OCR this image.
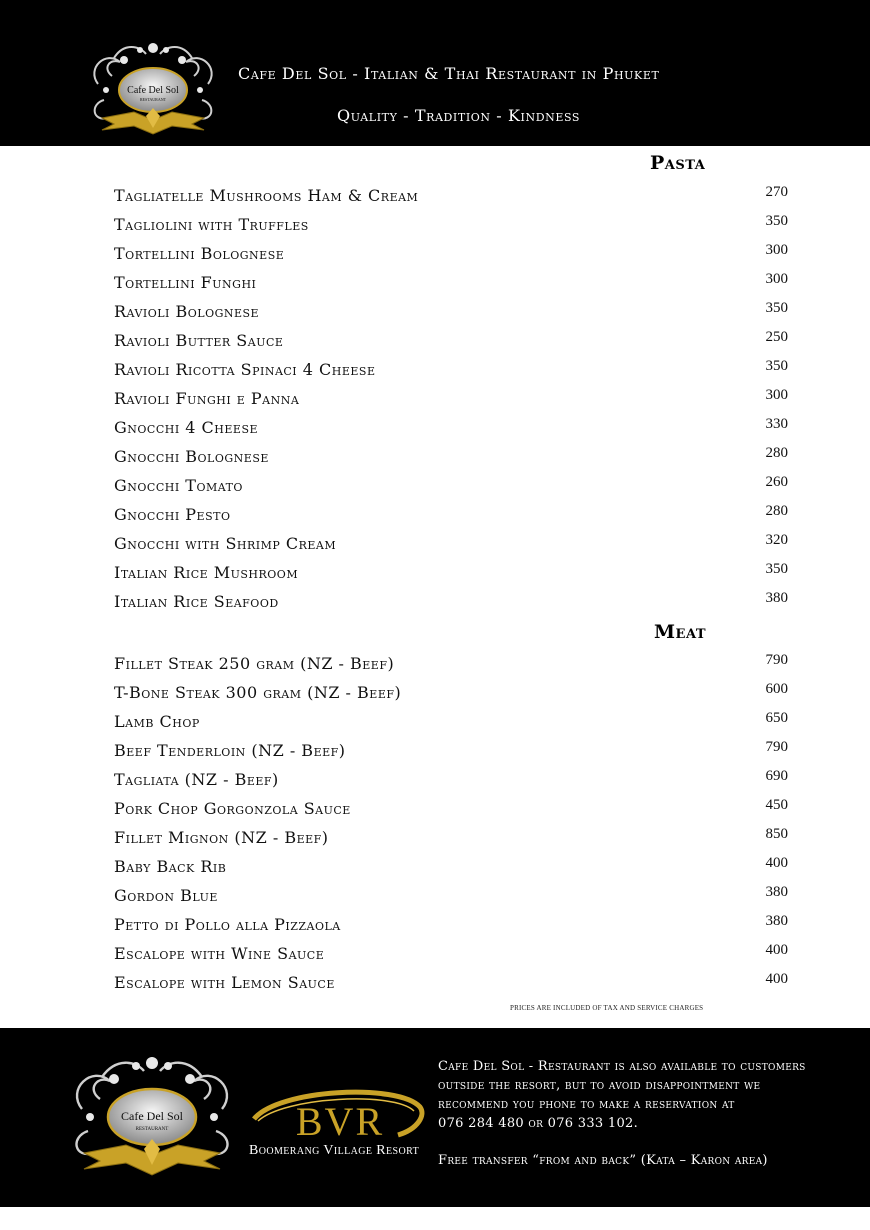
Cafe Del Sol
RESTAURANT
Cafe Del Sol - Italian & Thai Restaurant in Phuket
Quality - Tradition - Kindness
Pasta
Tagliatelle Mushrooms Ham & Cream	270
Tagliolini with Truffles	350
Tortellini Bolognese	300
Tortellini Funghi	300
Ravioli Bolognese	350
Ravioli Butter Sauce	250
Ravioli Ricotta Spinaci 4 Cheese	350
Ravioli Funghi e Panna	300
Gnocchi 4 Cheese	330
Gnocchi Bolognese	280
Gnocchi Tomato	260
Gnocchi Pesto	280
Gnocchi with Shrimp Cream	320
Italian Rice Mushroom	350
Italian Rice Seafood	380
Meat
Fillet Steak 250 gram (NZ - Beef)	790
T-Bone Steak 300 gram (NZ - Beef)	600
Lamb Chop	650
Beef Tenderloin (NZ - Beef)	790
Tagliata (NZ - Beef)	690
Pork Chop Gorgonzola Sauce	450
Fillet Mignon (NZ - Beef)	850
Baby Back Rib	400
Gordon Blue	380
Petto di Pollo alla Pizzaola	380
Escalope with Wine Sauce	400
Escalope with Lemon Sauce	400
PRICES ARE INCLUDED OF TAX AND SERVICE CHARGES
Cafe Del Sol
RESTAURANT	BVR
Boomerang Village Resort
Cafe Del Sol - Restaurant is also available to customers
outside the resort, but to avoid disappointment we
recommend you phone to make a reservation at
076 284 480 or 076 333 102.
Free transfer “from and back” (Kata – Karon area)
